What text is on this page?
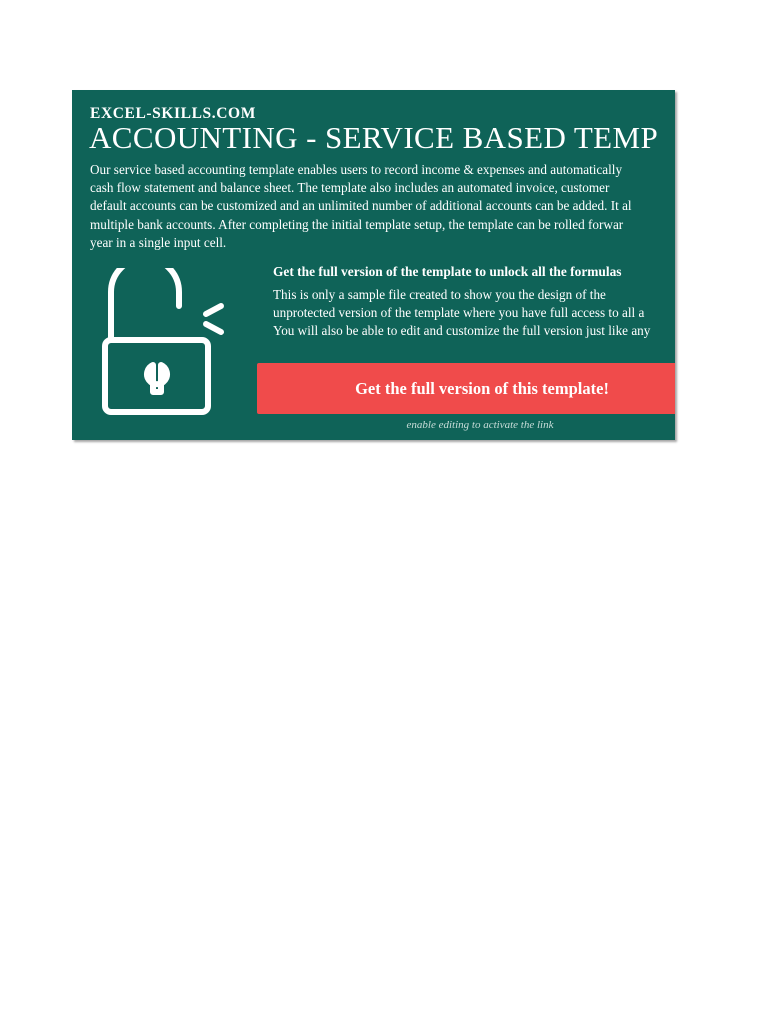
EXCEL-SKILLS.COM
ACCOUNTING - SERVICE BASED TEMP
Our service based accounting template enables users to record income & expenses and automatically
cash flow statement and balance sheet. The template also includes an automated invoice, customer
default accounts can be customized and an unlimited number of additional accounts can be added. It al
multiple bank accounts. After completing the initial template setup, the template can be rolled forwar
year in a single input cell.
Get the full version of the template to unlock all the formulas
This is only a sample file created to show you the design of the
unprotected version of the template where you have full access to all a
You will also be able to edit and customize the full version just like any
Get the full version of this template!
enable editing to activate the link
